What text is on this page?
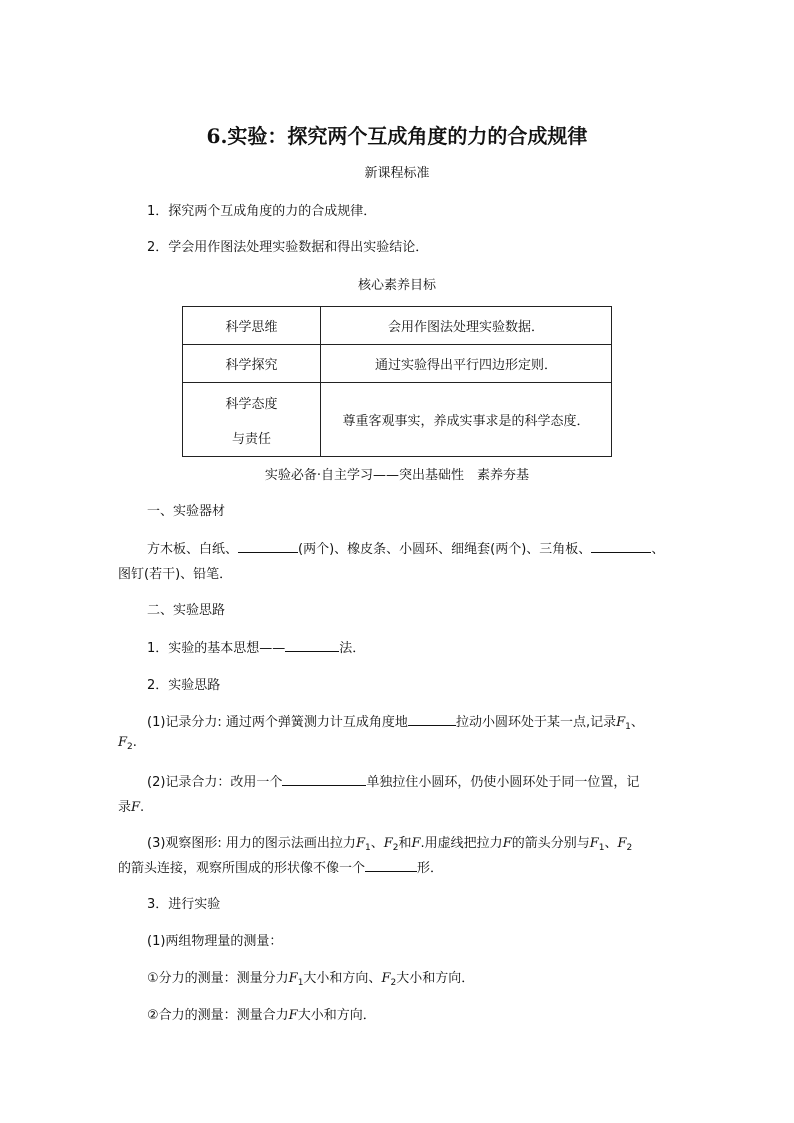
6.实验：探究两个互成角度的力的合成规律
新课程标准
1．探究两个互成角度的力的合成规律．
2．学会用作图法处理实验数据和得出实验结论．
核心素养目标
科学思维	会用作图法处理实验数据．
科学探究	通过实验得出平行四边形定则．

科学态度
与责任	尊重客观事实，养成实事求是的科学态度．
实验必备·自主学习——突出基础性　素养夯基
一、实验器材
方木板、白纸、	(两个)、橡皮条、小圆环、细绳套(两个)、三角板、	、
图钉(若干)、铅笔．
二、实验思路
1．实验的基本思想——	法．
2．实验思路
(1)记录分力: 通过两个弹簧测力计互成角度地	拉动小圆环处于某一点,记录$F_1$、
$F_2$.
(2)记录合力：改用一个	单独拉住小圆环，仍使小圆环处于同一位置，记
录F.
(3)观察图形: 用力的图示法画出拉力$F_1$、$F_2$和F.用虚线把拉力F的箭头分别与$F_1$、$F_2$
的箭头连接，观察所围成的形状像不像一个	形．
3．进行实验
(1)两组物理量的测量：
①分力的测量：测量分力$F_1$大小和方向、$F_2$大小和方向．
②合力的测量：测量合力F大小和方向．
